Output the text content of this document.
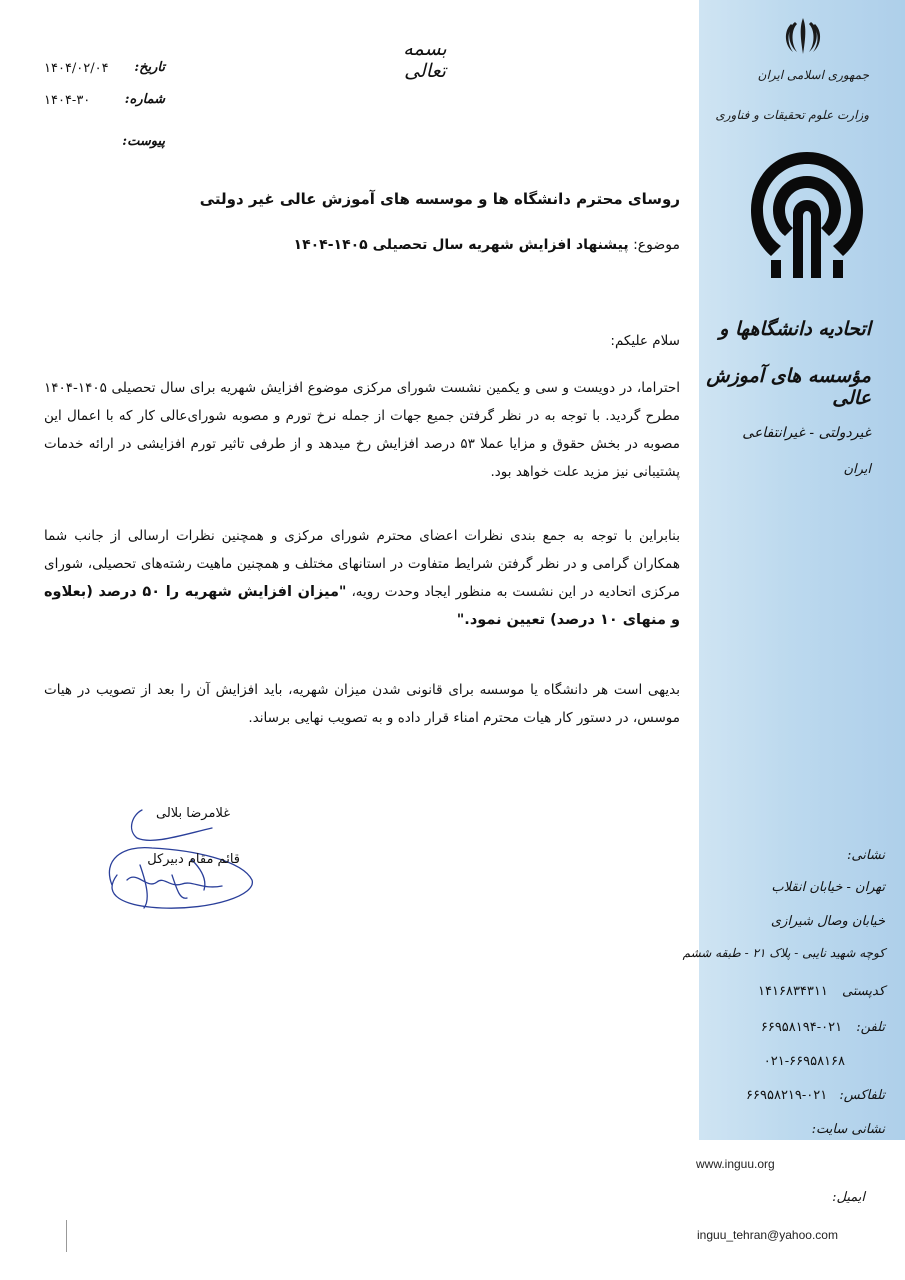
بسمه تعالی
تاریخ:
۱۴۰۴/۰۲/۰۴
شماره:
۱۴۰۴-۳۰
پیوست:
روسای محترم دانشگاه ها و موسسه های آموزش عالی غیر دولتی
موضوع: پیشنهاد افزایش شهریه سال تحصیلی ۱۴۰۵-۱۴۰۴
سلام علیکم:
احتراما، در دویست و سی و یکمین نشست شورای مرکزی موضوع افزایش شهریه برای سال تحصیلی ۱۴۰۵-۱۴۰۴ مطرح گردید. با توجه به در نظر گرفتن جمیع جهات از جمله نرخ تورم و مصوبه شورای‌عالی کار که با اعمال این مصوبه در بخش حقوق و مزایا عملا ۵۳ درصد افزایش رخ میدهد و از طرفی تاثیر تورم افزایشی در ارائه خدمات پشتیبانی نیز مزید علت خواهد بود.
بنابراین با توجه به جمع بندی نظرات اعضای محترم شورای مرکزی و همچنین نظرات ارسالی از جانب شما همکاران گرامی و در نظر گرفتن شرایط متفاوت در استانهای مختلف و همچنین ماهیت رشته‌های تحصیلی، شورای مرکزی اتحادیه در این نشست به منظور ایجاد وحدت رویه، "میزان افزایش شهریه را ۵۰ درصد (بعلاوه و منهای ۱۰ درصد) تعیین نمود."
بدیهی است هر دانشگاه یا موسسه برای قانونی شدن میزان شهریه، باید افزایش آن را بعد از تصویب در هیات موسس، در دستور کار هیات محترم امناء قرار داده و به تصویب نهایی برساند.
غلامرضا بلالی
قائم مقام دبیرکل
جمهوری اسلامی ایران
وزارت علوم تحقیقات و فناوری
اتحادیه دانشگاهها و
مؤسسه های آموزش عالی
غیردولتی - غیرانتفاعی
ایران
نشانی:
تهران - خیابان انقلاب
خیابان وصال شیرازی
کوچه شهید نایبی - پلاک ۲۱ - طبقه ششم
کدپستی ۱۴۱۶۸۳۴۳۱۱
تلفن: ۰۲۱-۶۶۹۵۸۱۹۴
۰۲۱-۶۶۹۵۸۱۶۸
تلفاکس: ۰۲۱-۶۶۹۵۸۲۱۹
نشانی سایت:
www.inguu.org
ایمیل:
inguu_tehran@yahoo.com
